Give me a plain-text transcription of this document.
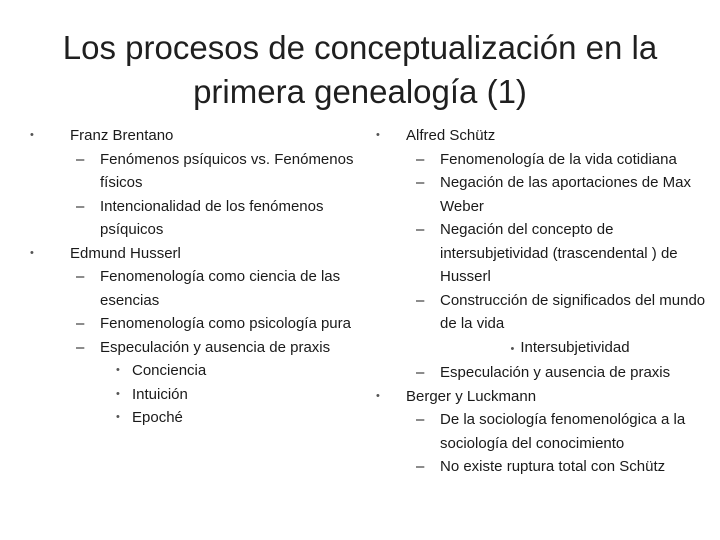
Los procesos de conceptualización en la
primera genealogía (1)
• Franz Brentano
– Fenómenos psíquicos vs. Fenómenos físicos
– Intencionalidad de los fenómenos psíquicos
• Edmund Husserl
– Fenomenología como ciencia de las esencias
– Fenomenología como psicología pura
– Especulación y ausencia de praxis
• Conciencia
• Intuición
• Epoché
• Alfred Schütz
– Fenomenología de la vida cotidiana
– Negación de las aportaciones de Max Weber
– Negación del concepto de intersubjetividad (trascendental ) de Husserl
– Construcción de significados del mundo de la vida
• Intersubjetividad
– Especulación y ausencia de praxis
• Berger y Luckmann
– De la sociología fenomenológica a la sociología del conocimiento
– No existe ruptura total con Schütz
